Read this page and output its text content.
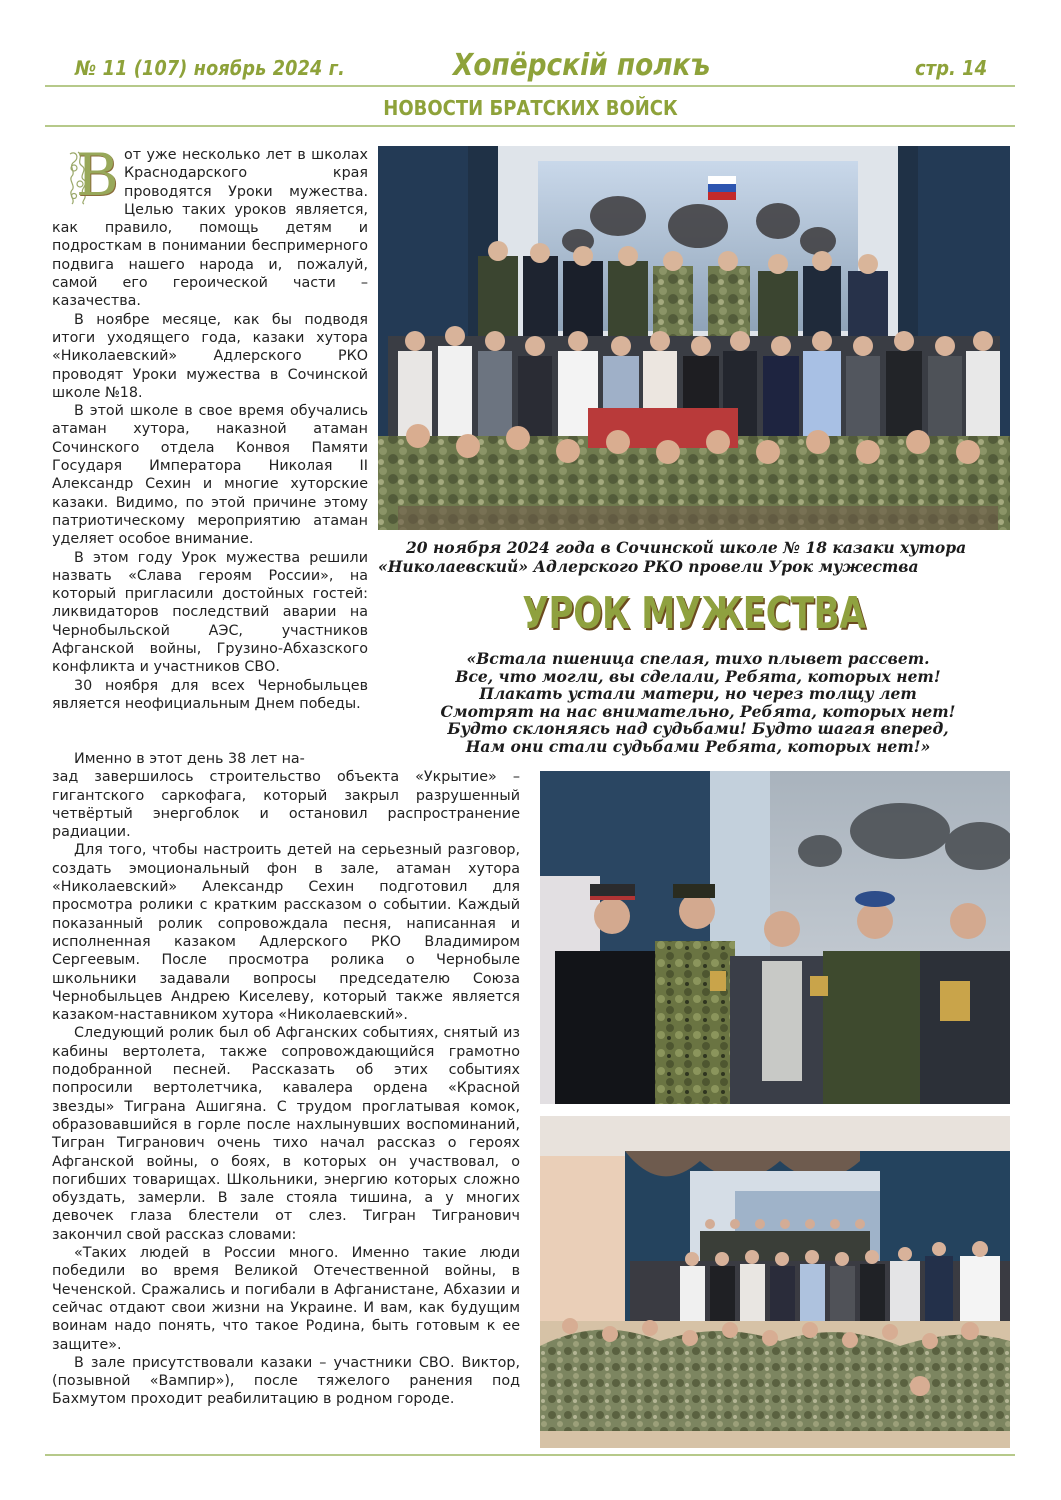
№ 11 (107) ноябрь 2024 г.	Хопёрскій полкъ	стр. 14
НОВОСТИ БРАТСКИХ ВОЙСК
В от уже несколько лет в школах Краснодарского края проводятся Уроки мужества. Целью таких уроков является, как правило, помощь детям и подросткам в понимании беспримерного подвига нашего народа и, пожалуй, самой его героической части – казачества.

В ноябре месяце, как бы подводя итоги уходящего года, казаки хутора «Николаевский» Адлерского РКО проводят Уроки мужества в Сочинской школе №18.

В этой школе в свое время обучались атаман хутора, наказной атаман Сочинского отдела Конвоя Памяти Государя Императора Николая II Александр Сехин и многие хуторские казаки. Видимо, по этой причине этому патриотическому мероприятию атаман уделяет особое внимание.

В этом году Урок мужества решили назвать «Слава героям России», на который пригласили достойных гостей: ликвидаторов последствий аварии на Чернобыльской АЭС, участников Афганской войны, Грузино-Абхазского конфликта и участников СВО.

30 ноября для всех Чернобыльцев является неофициальным Днем победы.

Именно в этот день 38 лет на-

зад завершилось строительство объекта «Укрытие» – гигантского саркофага, который закрыл разрушенный четвёртый энергоблок и остановил распространение радиации.

Для того, чтобы настроить детей на серьезный разговор, создать эмоциональный фон в зале, атаман хутора «Николаевский» Александр Сехин подготовил для просмотра ролики с кратким рассказом о событии. Каждый показанный ролик сопровождала песня, написанная и исполненная казаком Адлерского РКО Владимиром Сергеевым. После просмотра ролика о Чернобыле школьники задавали вопросы председателю Союза Чернобыльцев Андрею Киселеву, который также является казаком-наставником хутора «Николаевский».

Следующий ролик был об Афганских событиях, снятый из кабины вертолета, также сопровождающийся грамотно подобранной песней. Рассказать об этих событиях попросили вертолетчика, кавалера ордена «Красной звезды» Тиграна Ашигяна. С трудом проглатывая комок, образовавшийся в горле после нахлынувших воспоминаний, Тигран Тигранович очень тихо начал рассказ о героях Афганской войны, о боях, в которых он участвовал, о погибших товарищах. Школьники, энергию которых сложно обуздать, замерли. В зале стояла тишина, а у многих девочек глаза блестели от слез. Тигран Тигранович закончил свой рассказ словами:

«Таких людей в России много. Именно такие люди победили во время Великой Отечественной войны, в Чеченской. Сражались и погибали в Афганистане, Абхазии и сейчас отдают свои жизни на Украине. И вам, как будущим воинам надо понять, что такое Родина, быть готовым к ее защите».

В зале присутствовали казаки – участники СВО. Виктор, (позывной «Вампир»), после тяжелого ранения под Бахмутом проходит реабилитацию в родном городе.

20 ноября 2024 года в Сочинской школе № 18 казаки хутора
«Николаевский» Адлерского РКО провели Урок мужества
УРОК МУЖЕСТВА
«Встала пшеница спелая, тихо плывет рассвет.
Все, что могли, вы сделали, Ребята, которых нет!
Плакать устали матери, но через толщу лет
Смотрят на нас внимательно, Ребята, которых нет!
Будто склоняясь над судьбами! Будто шагая вперед,
Нам они стали судьбами Ребята, которых нет!»
